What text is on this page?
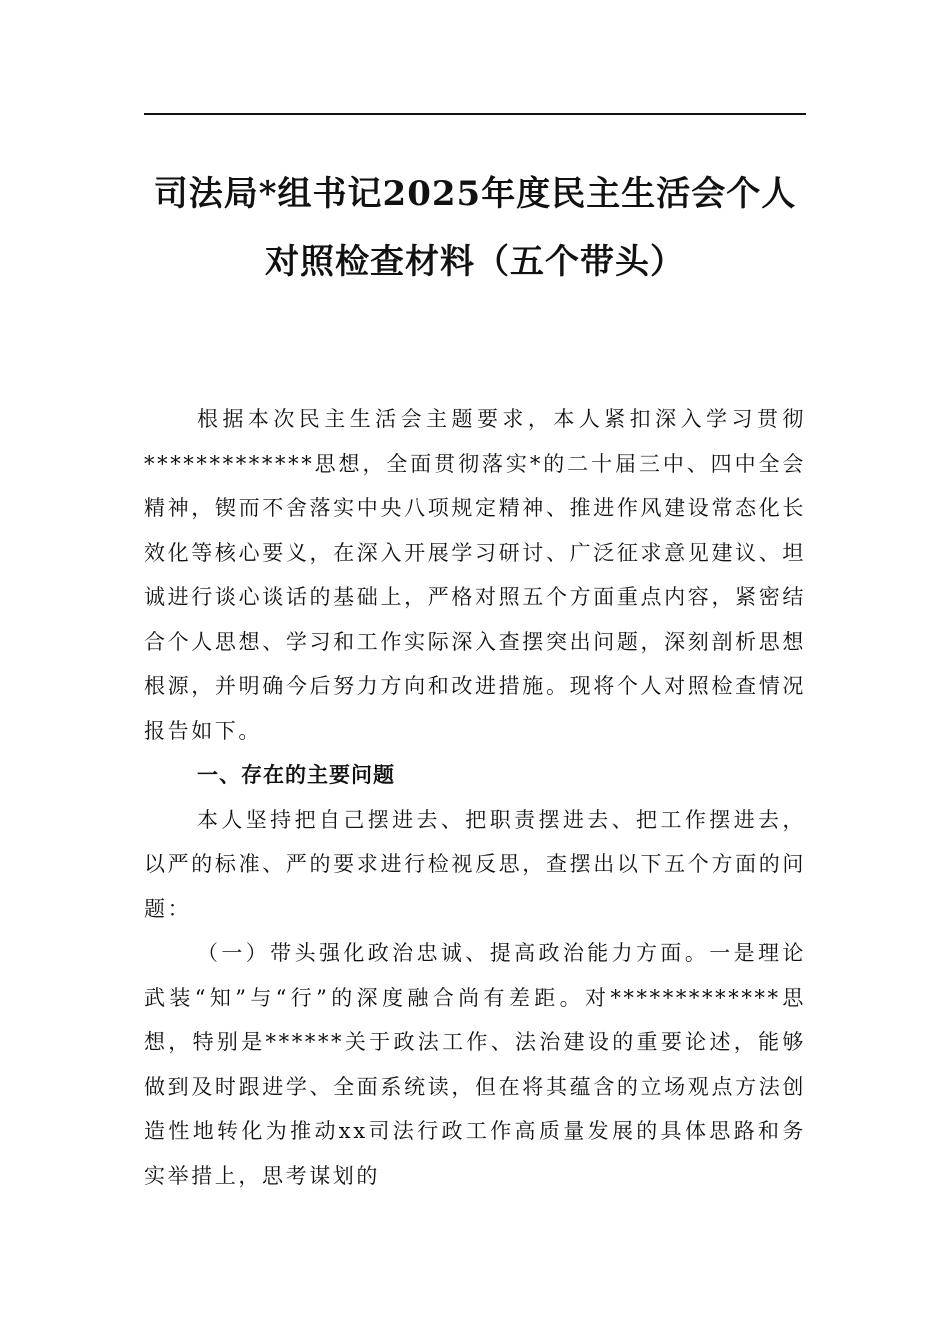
司法局*组书记2025年度民主生活会个人
对照检查材料（五个带头）

根据本次民主生活会主题要求，本人紧扣深入学习贯彻*************思想，全面贯彻落实*的二十届三中、四中全会精神，锲而不舍落实中央八项规定精神、推进作风建设常态化长效化等核心要义，在深入开展学习研讨、广泛征求意见建议、坦诚进行谈心谈话的基础上，严格对照五个方面重点内容，紧密结合个人思想、学习和工作实际深入查摆突出问题，深刻剖析思想根源，并明确今后努力方向和改进措施。现将个人对照检查情况报告如下。

一、存在的主要问题

本人坚持把自己摆进去、把职责摆进去、把工作摆进去，以严的标准、严的要求进行检视反思，查摆出以下五个方面的问题：

（一）带头强化政治忠诚、提高政治能力方面。一是理论武装“知”与“行”的深度融合尚有差距。对*************思想，特别是******关于政法工作、法治建设的重要论述，能够做到及时跟进学、全面系统读，但在将其蕴含的立场观点方法创造性地转化为推动xx司法行政工作高质量发展的具体思路和务实举措上，思考谋划的
